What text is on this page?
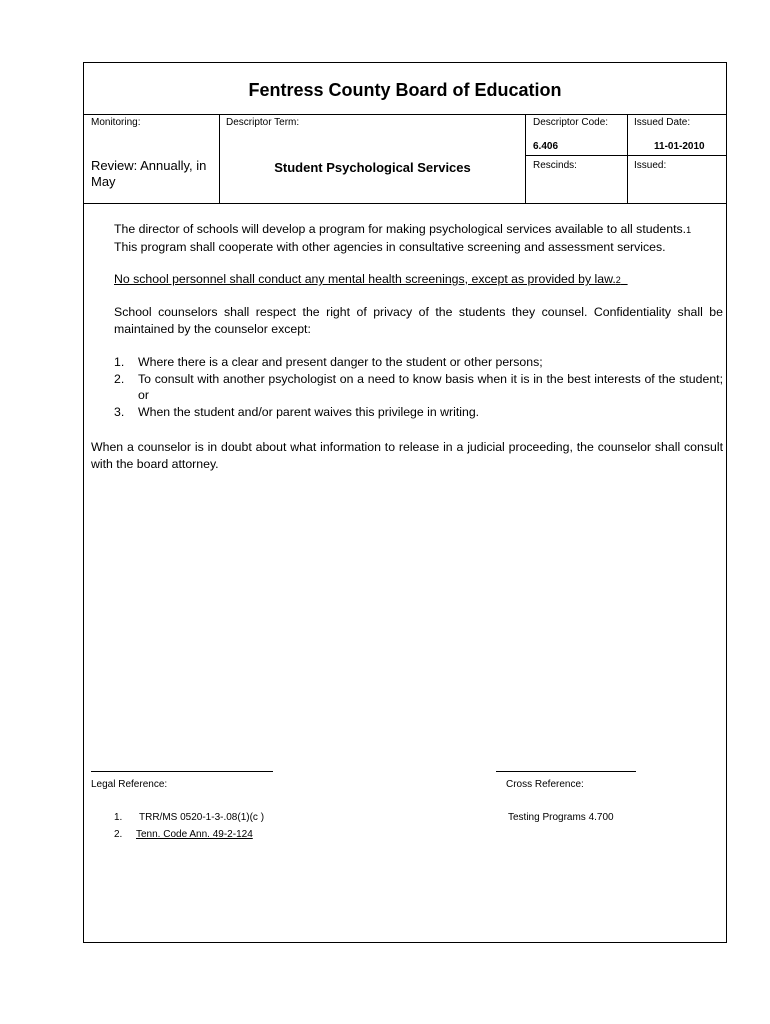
Fentress County Board of Education
Monitoring:
Review: Annually, in May
Descriptor Term:
Student Psychological Services
Descriptor Code:
6.406
Rescinds:
Issued Date:
11-01-2010
Issued:
The director of schools will develop a program for making psychological services available to all students.1
This program shall cooperate with other agencies in consultative screening and assessment services.
No school personnel shall conduct any mental health screenings, except as provided by law.2
School counselors shall respect the right of privacy of the students they counsel. Confidentiality shall be maintained by the counselor except:
1. Where there is a clear and present danger to the student or other persons;
2. To consult with another psychologist on a need to know basis when it is in the best interests of the student; or
3. When the student and/or parent waives this privilege in writing.
When a counselor is in doubt about what information to release in a judicial proceeding, the counselor shall consult with the board attorney.
Legal Reference:	Cross Reference:
1. TRR/MS 0520-1-3-.08(1)(c )
2. Tenn. Code Ann. 49-2-124
Testing Programs 4.700
